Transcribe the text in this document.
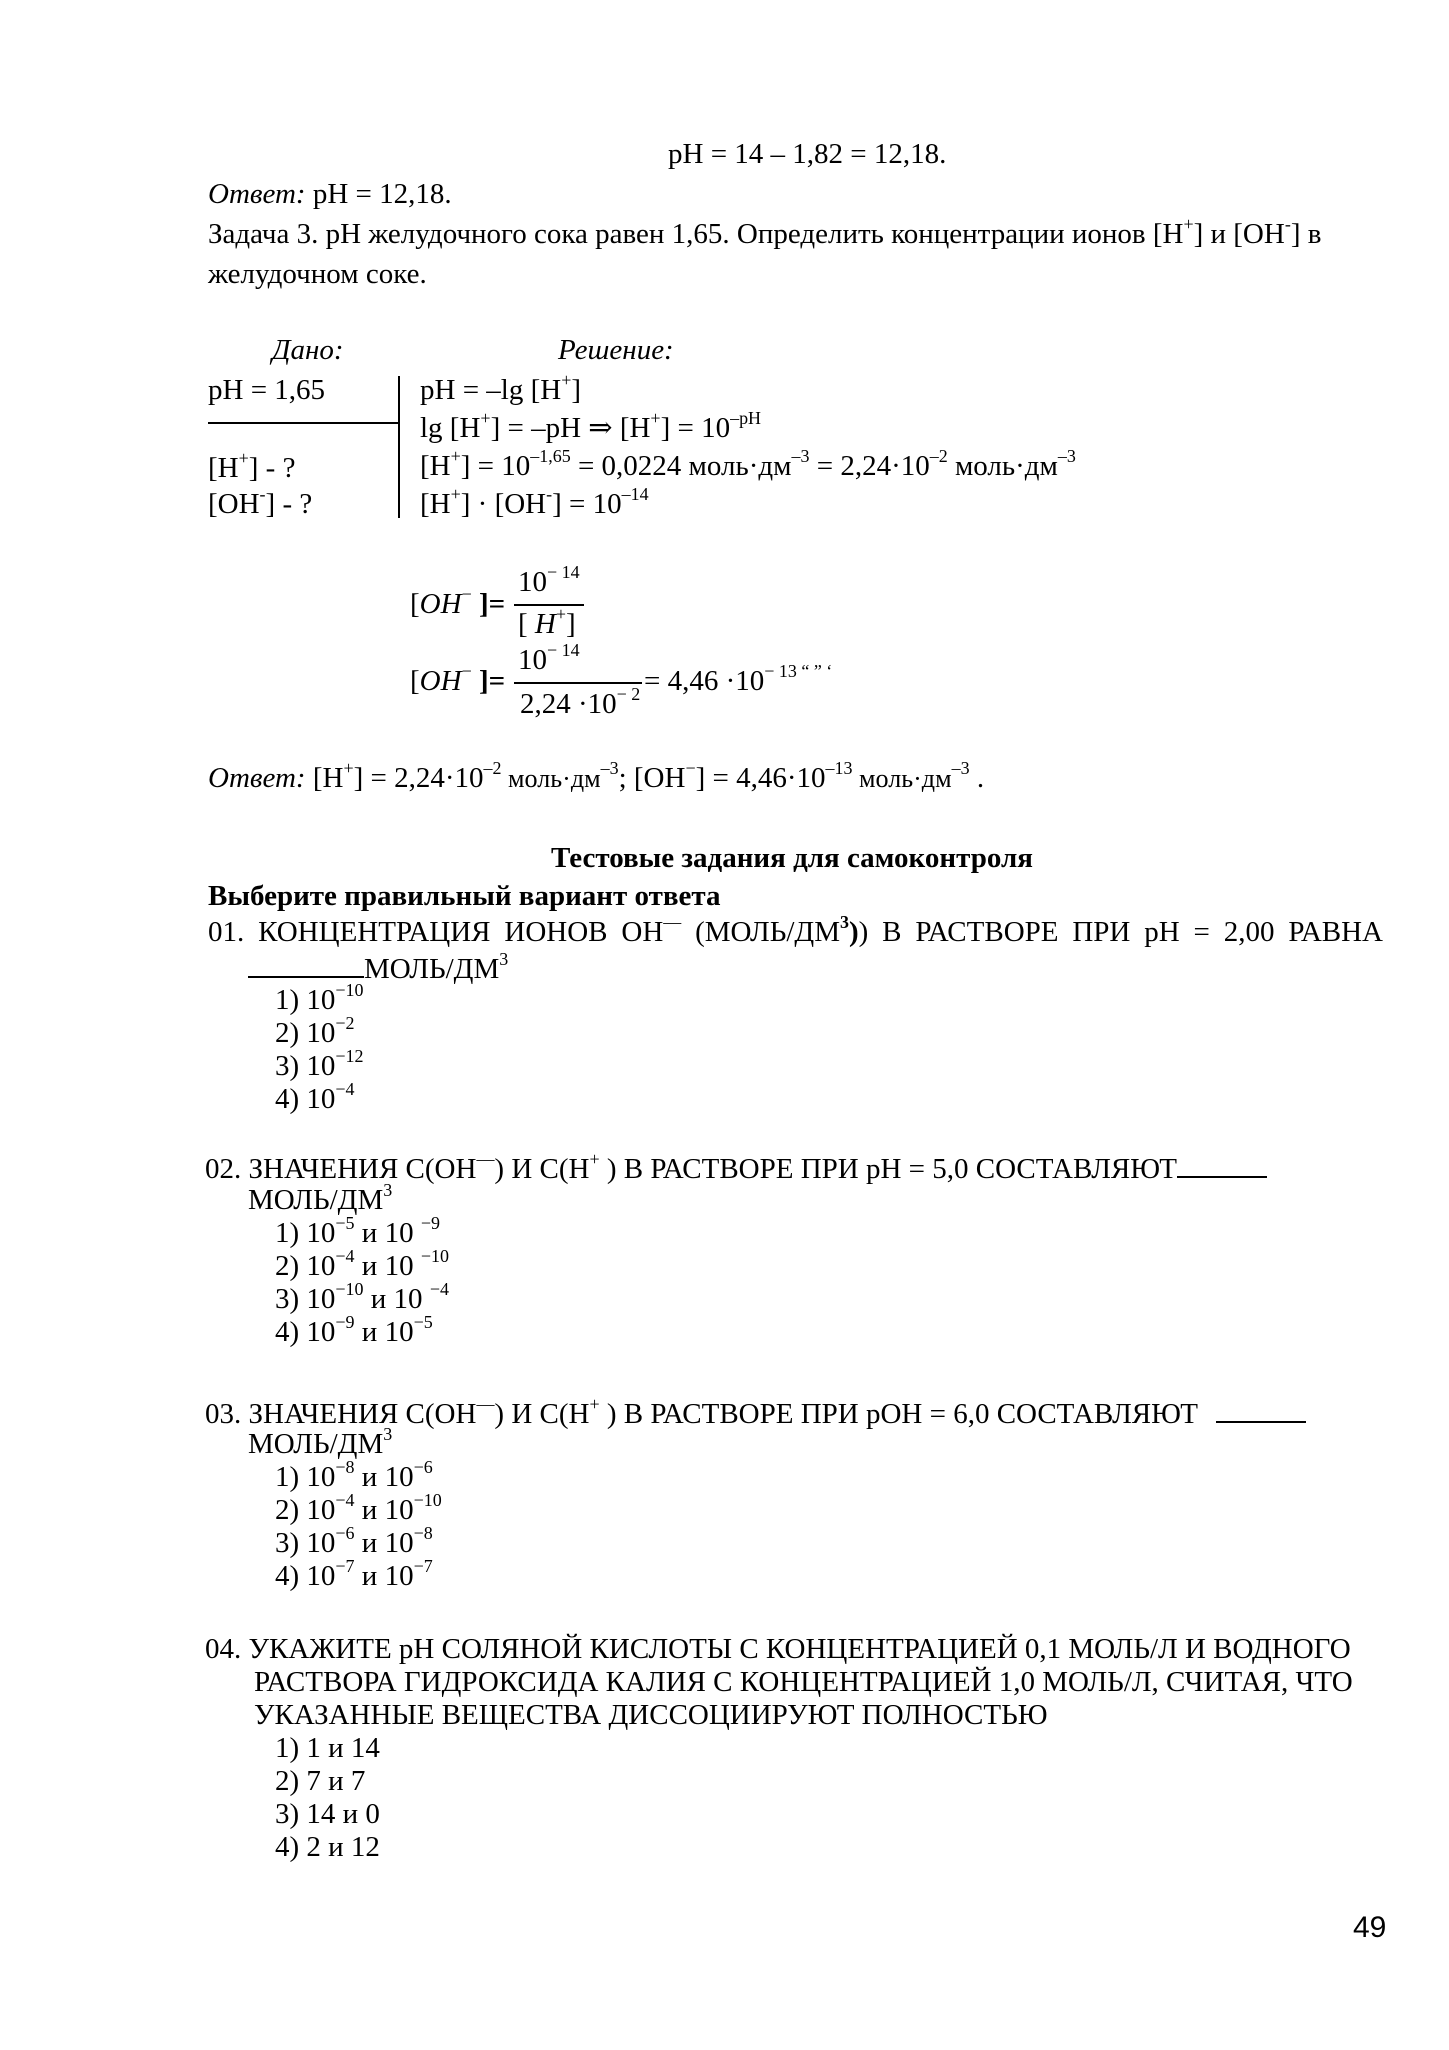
pH = 14 – 1,82 = 12,18.
Ответ: pH = 12,18.
Задача 3. pH желудочного сока равен 1,65. Определить концентрации ионов [H+] и [OH-] в
желудочном соке.
Дано:	Решение:
pH = 1,65
[H+] - ?
[OH-] - ?
pH = –lg [H+]
lg [H+] = –pH ⇒ $[H^+] = 10^{-pH}$
$[H^+] = 10^{-1,65} = 0,0224$ $моль\cdot дм^{-3} = 2,24\cdot 10^{-2}$ $моль\cdot дм^{-3}$
$[H^+] \cdot [OH^-] = 10^{-14}$
[OH− ]=
$10^{- 14}$
[ H+]
[OH− ]=
$10^{- 14}$
$2,24 \cdot 10^{- 2} = 4,46 \cdot 10^{- 13 “ ” ‘}$
Ответ: $[H^+] = 2,24\cdot 10^{-2}$ $моль\cdot дм^{-3}$; $[OH^-] = 4,46\cdot 10^{-13}$ $моль\cdot дм^{-3}$ .
Тестовые задания для самоконтроля
Выберите правильный вариант ответа
01. КОНЦЕНТРАЦИЯ ИОНОВ ОН— $(МОЛЬ/ДМ^3)$) В РАСТВОРЕ ПРИ pH = 2,00 РАВНА
МОЛЬ/$ДМ^3$
1) $10^{-10}$
2) $10^{-2}$
3) $10^{-12}$
4) $10^{-4}$
02. ЗНАЧЕНИЯ C(OH—) И C(H+ ) В РАСТВОРЕ ПРИ pH = 5,0 СОСТАВЛЯЮТ
МОЛЬ/$ДМ^3$
1) $10^{-5}$ и 10 $^{-9}$
2) $10^{-4}$ и 10 $^{-10}$
3) $10^{-10}$ и 10 $^{-4}$
4) $10^{-9}$ и $10^{-5}$
03. ЗНАЧЕНИЯ C(OH—) И C(H+ ) В РАСТВОРЕ ПРИ pOH = 6,0 СОСТАВЛЯЮТ
МОЛЬ/$ДМ^3$
1) $10^{-8}$ и $10^{-6}$
2) $10^{-4}$ и $10^{-10}$
3) $10^{-6}$ и $10^{-8}$
4) $10^{-7}$ и $10^{-7}$
04. УКАЖИТЕ pH СОЛЯНОЙ КИСЛОТЫ С КОНЦЕНТРАЦИЕЙ 0,1 МОЛЬ/Л И ВОДНОГО
РАСТВОРА ГИДРОКСИДА КАЛИЯ С КОНЦЕНТРАЦИЕЙ 1,0 МОЛЬ/Л, СЧИТАЯ, ЧТО
УКАЗАННЫЕ ВЕЩЕСТВА ДИССОЦИИРУЮТ ПОЛНОСТЬЮ
1) 1 и 14
2) 7 и 7
3) 14 и 0
4) 2 и 12
49
